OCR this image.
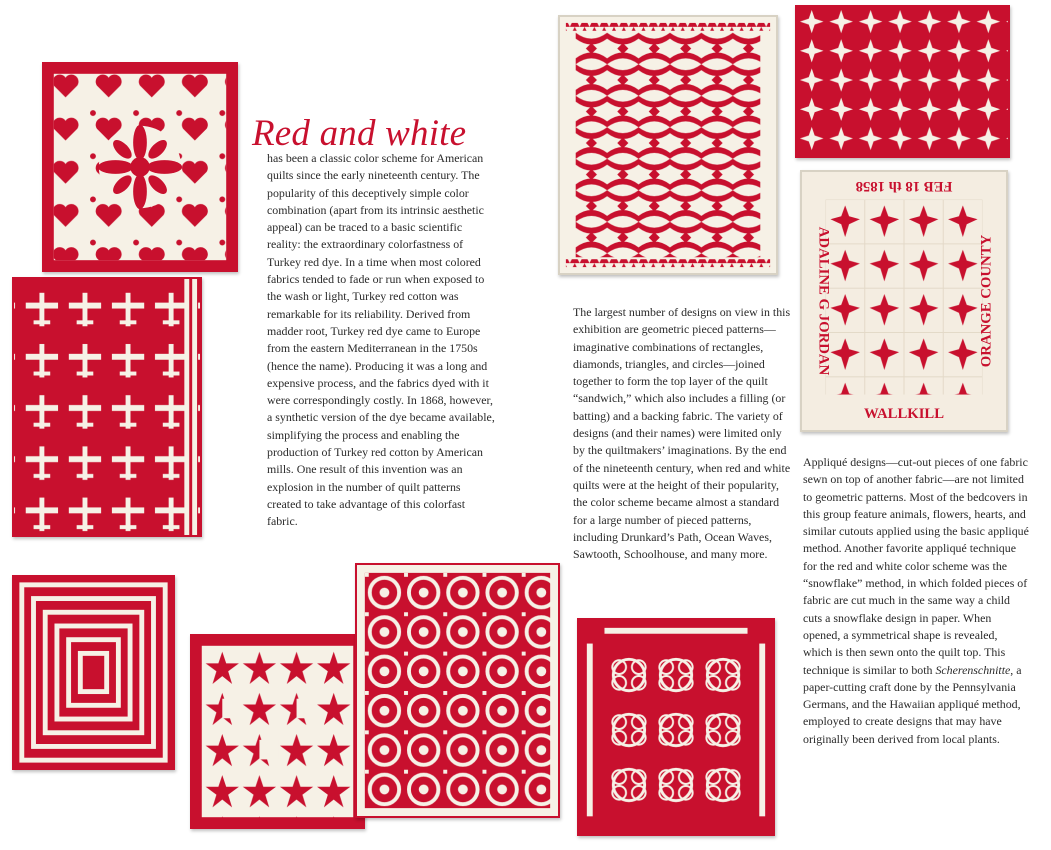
FEB 18 th 1858
WALLKILL
ADALINE G JORDAN	ORANGE COUNTY
Red and white

has been a classic color scheme for American quilts since the early nineteenth century. The popularity of this deceptively simple color combination (apart from its intrinsic aesthetic appeal) can be traced to a basic scientific reality: the extraordinary colorfastness of Turkey red dye. In a time when most colored fabrics tended to fade or run when exposed to the wash or light, Turkey red cotton was remarkable for its reliability. Derived from madder root, Turkey red dye came to Europe from the eastern Mediterranean in the 1750s (hence the name). Producing it was a long and expensive process, and the fabrics dyed with it were correspondingly costly. In 1868, however, a synthetic version of the dye became available, simplifying the process and enabling the production of Turkey red cotton by American mills. One result of this invention was an explosion in the number of quilt patterns created to take advantage of this colorfast fabric.

The largest number of designs on view in this exhibition are geometric pieced patterns—imaginative combinations of rectangles, diamonds, triangles, and circles—joined together to form the top layer of the quilt “sandwich,” which also includes a filling (or batting) and a backing fabric. The variety of designs (and their names) were limited only by the quiltmakers’ imaginations. By the end of the nineteenth century, when red and white quilts were at the height of their popularity, the color scheme became almost a standard for a large number of pieced patterns, including Drunkard’s Path, Ocean Waves, Sawtooth, Schoolhouse, and many more.

Appliqué designs—cut-out pieces of one fabric sewn on top of another fabric—are not limited to geometric patterns. Most of the bedcovers in this group feature animals, flowers, hearts, and similar cutouts applied using the basic appliqué method. Another favorite appliqué technique for the red and white color scheme was the “snowflake” method, in which folded pieces of fabric are cut much in the same way a child cuts a snowflake design in paper. When opened, a symmetrical shape is revealed, which is then sewn onto the quilt top. This technique is similar to both Scherenschnitte, a paper-cutting craft done by the Pennsylvania Germans, and the Hawaiian appliqué method, employed to create designs that may have originally been derived from local plants.
